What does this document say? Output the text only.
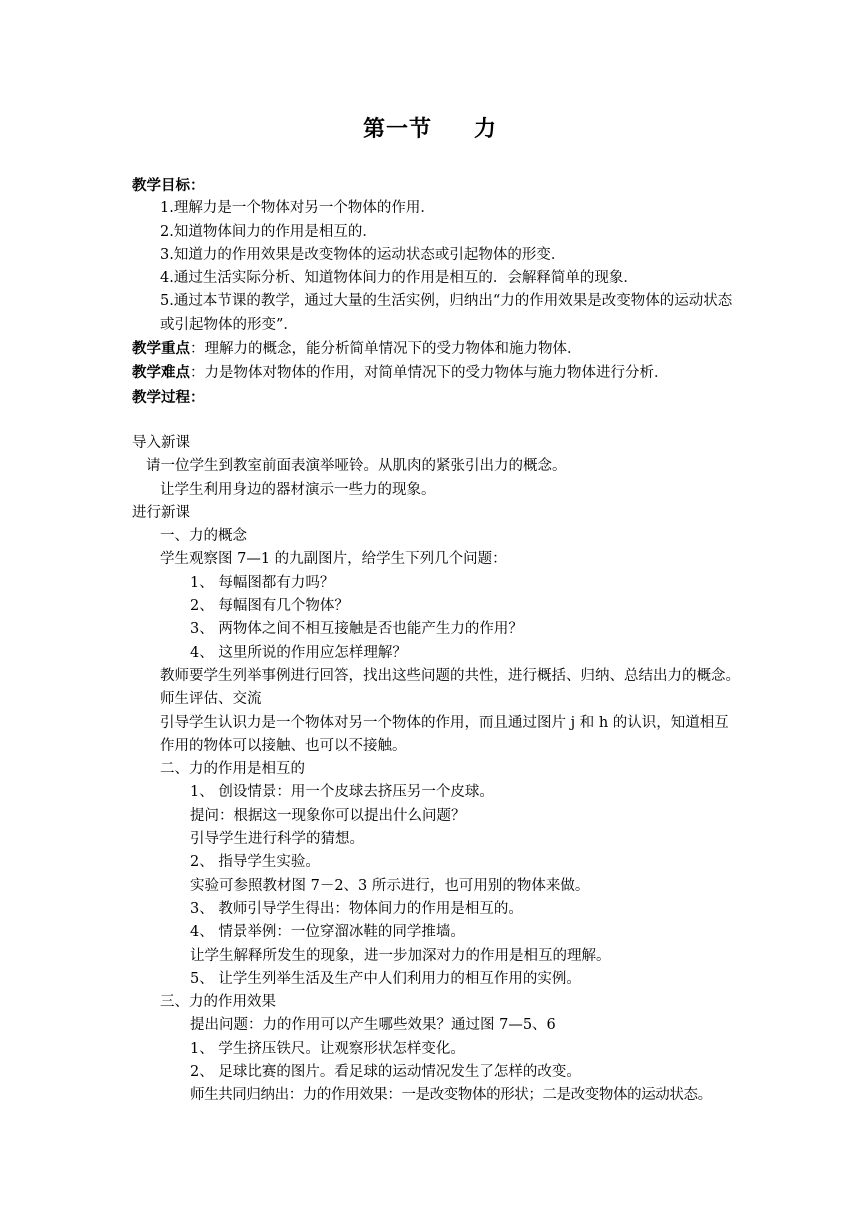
第一节 力
教学目标：
1.理解力是一个物体对另一个物体的作用．
2.知道物体间力的作用是相互的．
3.知道力的作用效果是改变物体的运动状态或引起物体的形变．
4.通过生活实际分析、知道物体间力的作用是相互的．会解释简单的现象．
5.通过本节课的教学，通过大量的生活实例，归纳出“力的作用效果是改变物体的运动状态或引起物体的形变”．
教学重点：理解力的概念，能分析简单情况下的受力物体和施力物体．
教学难点：力是物体对物体的作用，对简单情况下的受力物体与施力物体进行分析．
教学过程：
导入新课
请一位学生到教室前面表演举哑铃。从肌肉的紧张引出力的概念。
让学生利用身边的器材演示一些力的现象。
进行新课
一、力的概念
学生观察图 7—1 的九副图片，给学生下列几个问题：
1、 每幅图都有力吗？
2、 每幅图有几个物体？
3、 两物体之间不相互接触是否也能产生力的作用？
4、 这里所说的作用应怎样理解？
教师要学生列举事例进行回答，找出这些问题的共性，进行概括、归纳、总结出力的概念。
师生评估、交流
引导学生认识力是一个物体对另一个物体的作用，而且通过图片 j 和 h 的认识，知道相互作用的物体可以接触、也可以不接触。
二、力的作用是相互的
1、 创设情景：用一个皮球去挤压另一个皮球。
提问：根据这一现象你可以提出什么问题？
引导学生进行科学的猜想。
2、 指导学生实验。
实验可参照教材图 7－2、3 所示进行，也可用别的物体来做。
3、 教师引导学生得出：物体间力的作用是相互的。
4、 情景举例：一位穿溜冰鞋的同学推墙。
让学生解释所发生的现象，进一步加深对力的作用是相互的理解。
5、 让学生列举生活及生产中人们利用力的相互作用的实例。
三、力的作用效果
提出问题：力的作用可以产生哪些效果？通过图 7—5、6
1、 学生挤压铁尺。让观察形状怎样变化。
2、 足球比赛的图片。看足球的运动情况发生了怎样的改变。
师生共同归纳出：力的作用效果：一是改变物体的形状；二是改变物体的运动状态。
